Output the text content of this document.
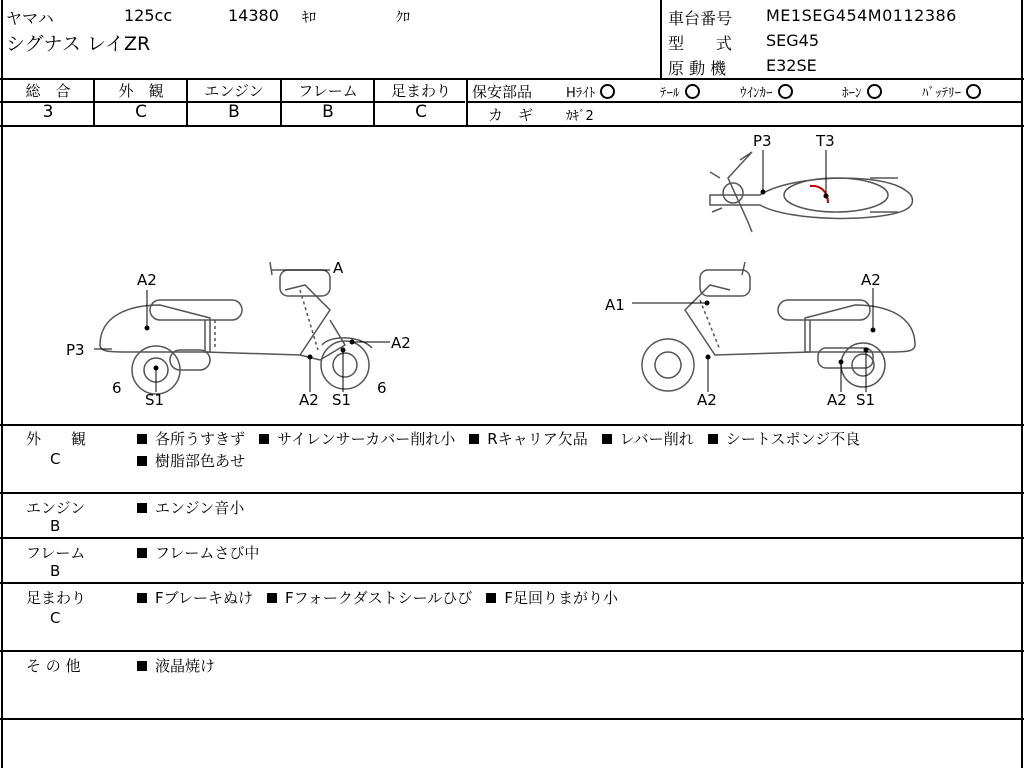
ヤマハ	125cc	14380 ｷﾛ	ｸﾛ
シグナス レイZR
車台番号 ME1SEG454M0112386
型　　式 SEG45
原 動 機 E32SE
総　合
3
外　観
C
エンジン
B
フレーム
B
足まわり
C
保安部品	Hﾗｲﾄ	ﾃｰﾙ	ｳｲﾝｶｰ	ﾎｰﾝ	ﾊﾞｯﾃﾘｰ
カ　ギ	ｶｷﾞ2
A2
A
P3	A2
6
S1	A2 S1
6
A1
A2
A2	A2 S1
P3	T3
外　　観
C
各所うすきず サイレンサーカバー削れ小 Rキャリア欠品 レバー削れ シートスポンジ不良
樹脂部色あせ
エンジン
B
エンジン音小
フレーム
B
フレームさび中
足まわり
C
Fブレーキぬけ Fフォークダストシールひび F足回りまがり小
そ の 他	液晶焼け
